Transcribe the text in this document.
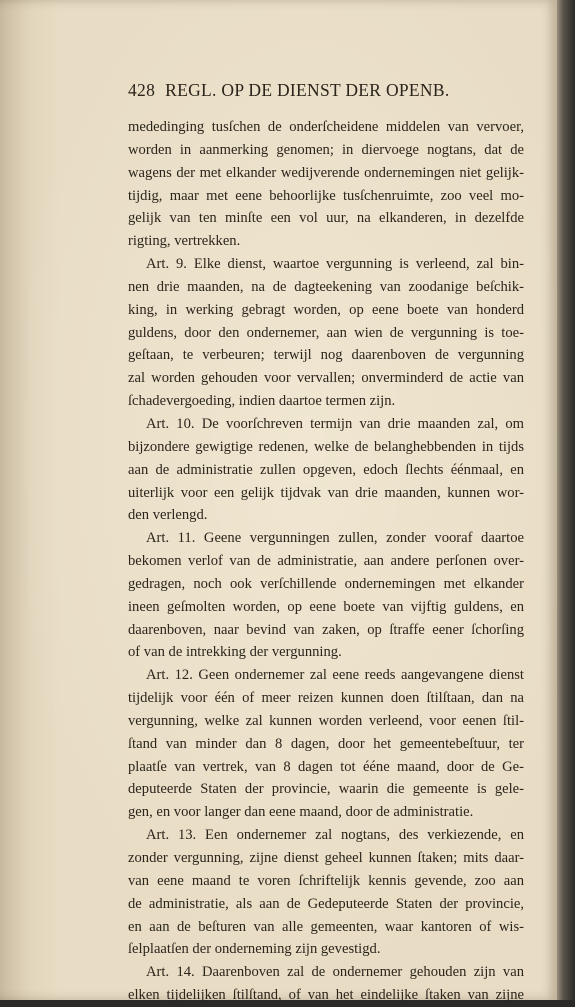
428 REGL. OP DE DIENST DER OPENB.
mededinging tusſchen de onderſcheidene middelen van vervoer,
worden in aanmerking genomen; in diervoege nogtans, dat de
wagens der met elkander wedijverende ondernemingen niet gelijk-
tijdig, maar met eene behoorlijke tusſchenruimte, zoo veel mo-
gelijk van ten minſte een vol uur, na elkanderen, in dezelfde
rigting, vertrekken.
Art. 9. Elke dienst, waartoe vergunning is verleend, zal bin-
nen drie maanden, na de dagteekening van zoodanige beſchik-
king, in werking gebragt worden, op eene boete van honderd
guldens, door den ondernemer, aan wien de vergunning is toe-
geſtaan, te verbeuren; terwijl nog daarenboven de vergunning
zal worden gehouden voor vervallen; onverminderd de actie van
ſchadevergoeding, indien daartoe termen zijn.
Art. 10. De voorſchreven termijn van drie maanden zal, om
bijzondere gewigtige redenen, welke de belanghebbenden in tijds
aan de administratie zullen opgeven, edoch ſlechts éénmaal, en
uiterlijk voor een gelijk tijdvak van drie maanden, kunnen wor-
den verlengd.
Art. 11. Geene vergunningen zullen, zonder vooraf daartoe
bekomen verlof van de administratie, aan andere perſonen over-
gedragen, noch ook verſchillende ondernemingen met elkander
ineen geſmolten worden, op eene boete van vijftig guldens, en
daarenboven, naar bevind van zaken, op ſtraffe eener ſchorſing
of van de intrekking der vergunning.
Art. 12. Geen ondernemer zal eene reeds aangevangene dienst
tijdelijk voor één of meer reizen kunnen doen ſtilſtaan, dan na
vergunning, welke zal kunnen worden verleend, voor eenen ſtil-
ſtand van minder dan 8 dagen, door het gemeentebeſtuur, ter
plaatſe van vertrek, van 8 dagen tot ééne maand, door de Ge-
deputeerde Staten der provincie, waarin die gemeente is gele-
gen, en voor langer dan eene maand, door de administratie.
Art. 13. Een ondernemer zal nogtans, des verkiezende, en
zonder vergunning, zijne dienst geheel kunnen ſtaken; mits daar-
van eene maand te voren ſchriftelijk kennis gevende, zoo aan
de administratie, als aan de Gedeputeerde Staten der provincie,
en aan de beſturen van alle gemeenten, waar kantoren of wis-
ſelplaatſen der onderneming zijn gevestigd.
Art. 14. Daarenboven zal de ondernemer gehouden zijn van
elken tijdelijken ſtilſtand, of van het eindelijke ſtaken van zijne
